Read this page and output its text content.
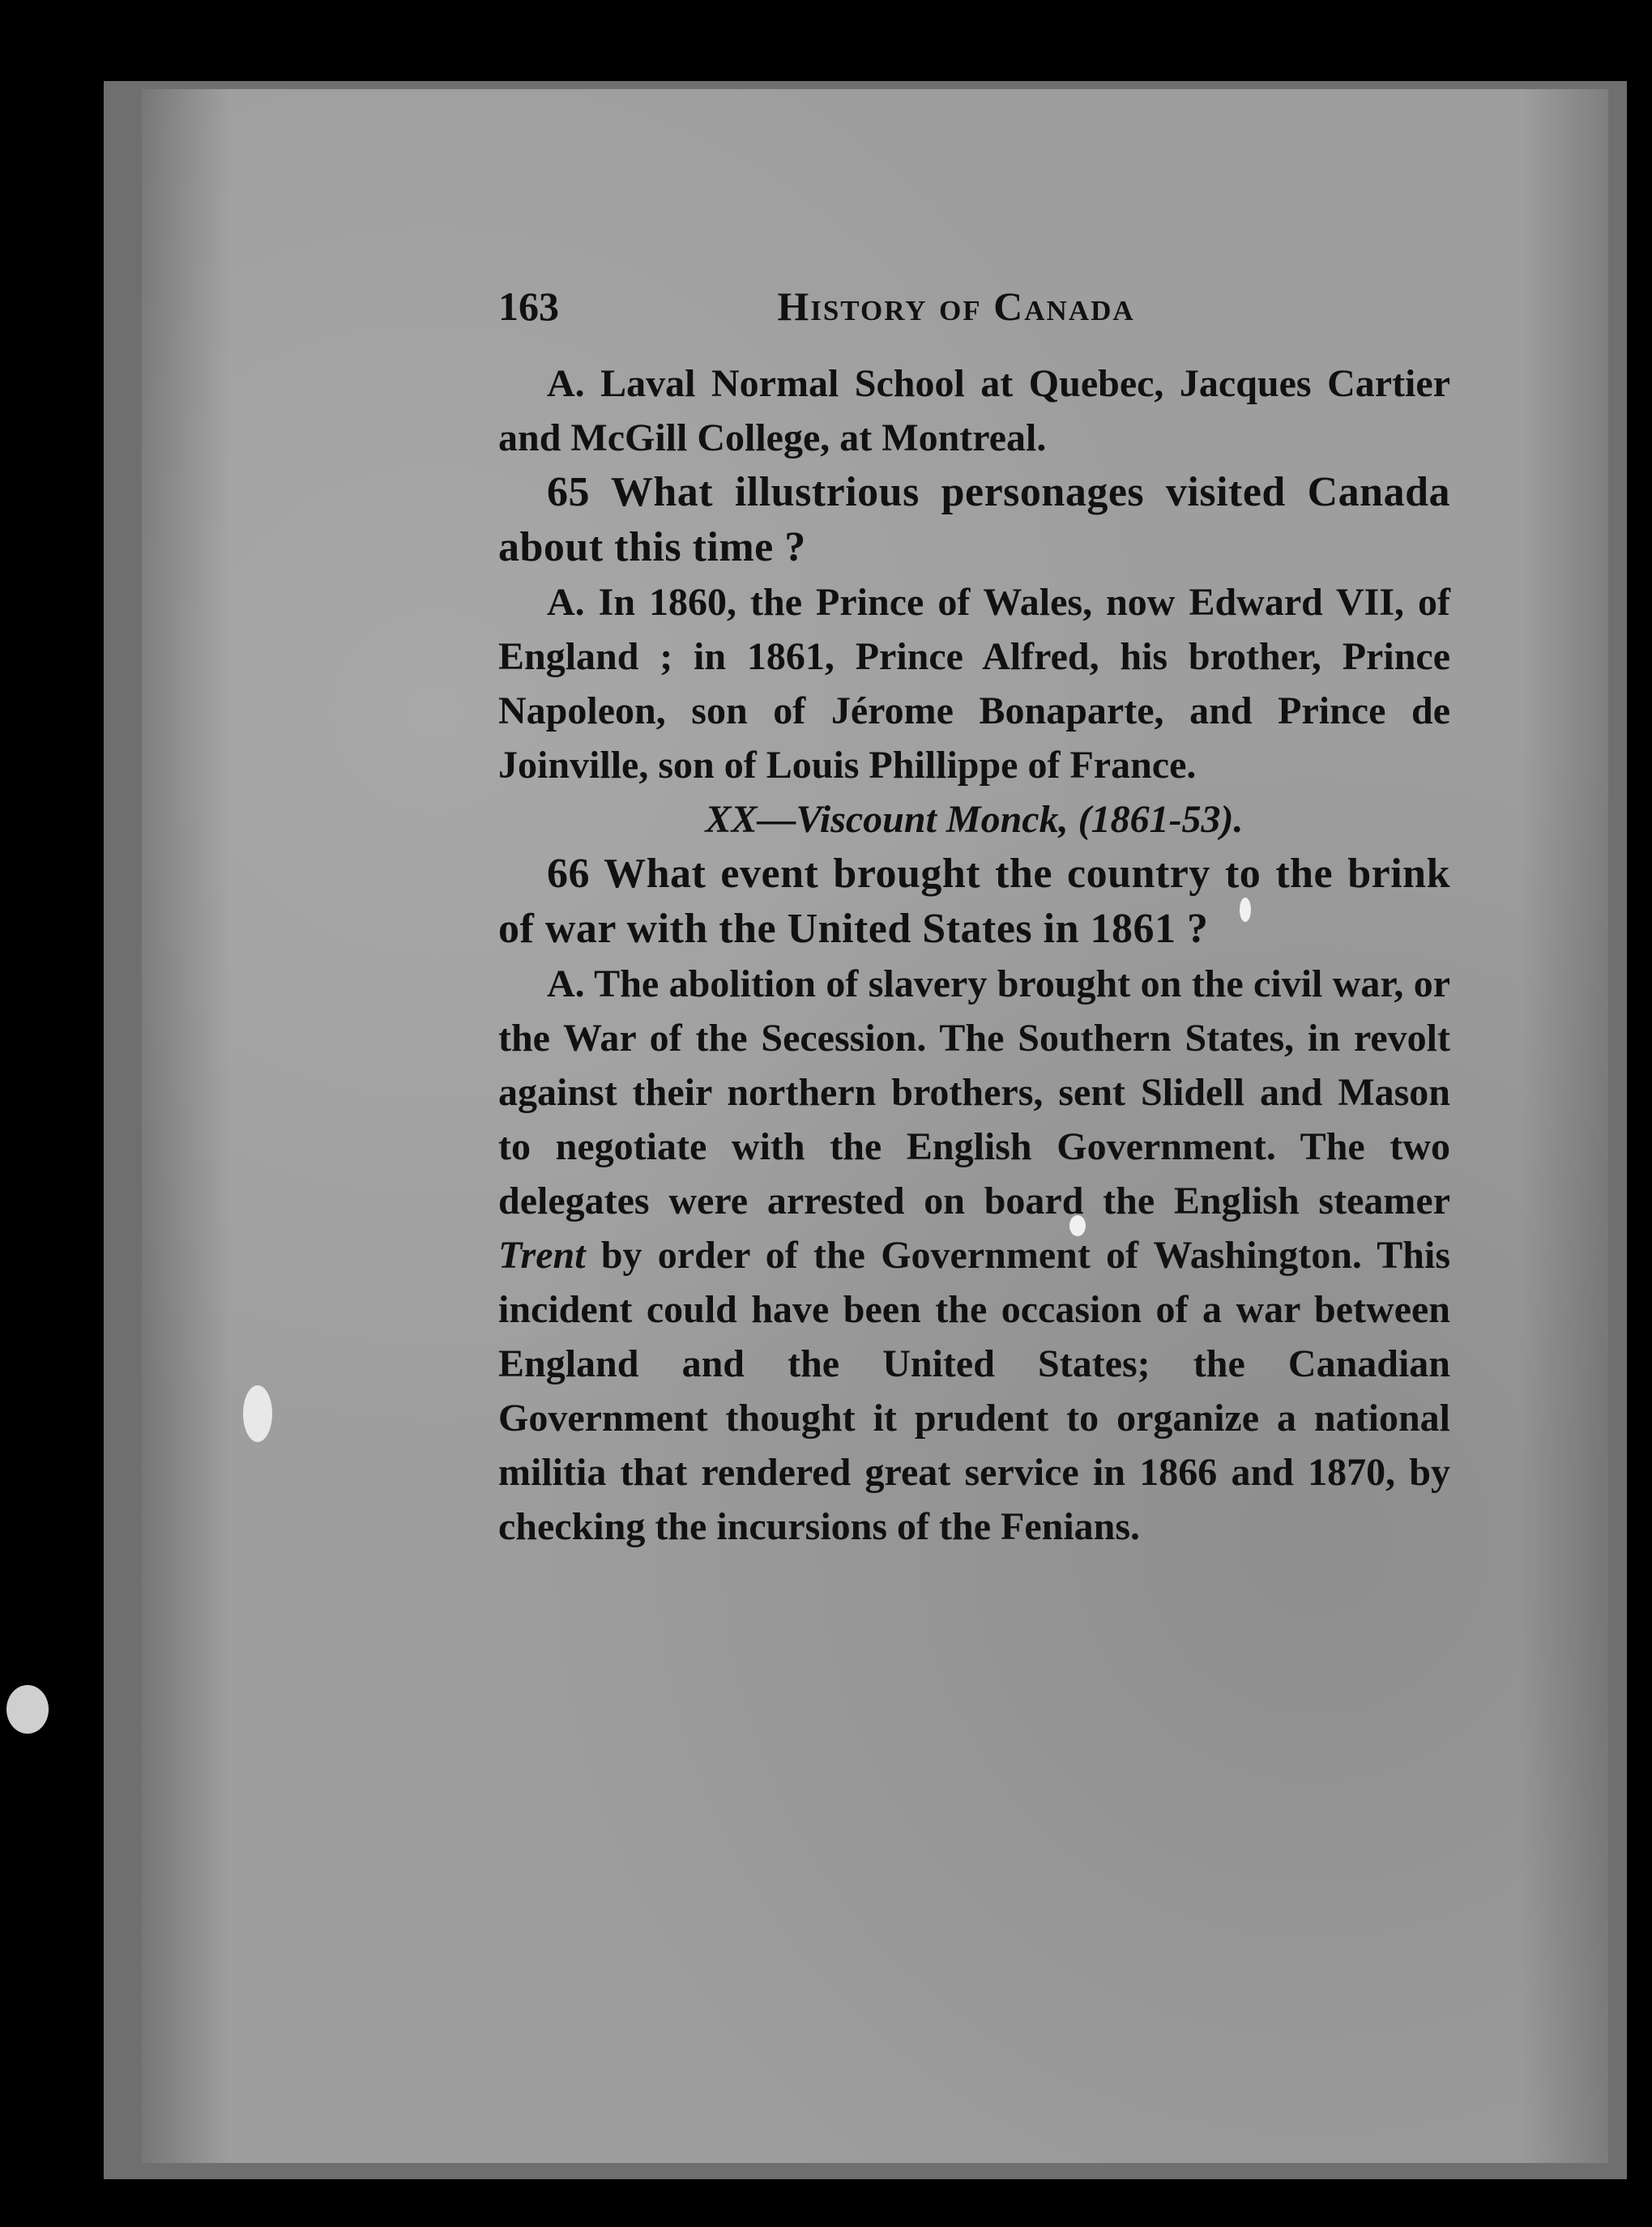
163	History of Canada

A. Laval Normal School at Quebec, Jacques Cartier and McGill College, at Montreal.

65 What illustrious personages visited Canada about this time ?

A. In 1860, the Prince of Wales, now Edward VII, of England ; in 1861, Prince Alfred, his brother, Prince Napoleon, son of Jérome Bonaparte, and Prince de Joinville, son of Louis Phillippe of France.

XX—Viscount Monck, (1861-53).

66 What event brought the country to the brink of war with the United States in 1861 ?

A. The abolition of slavery brought on the civil war, or the War of the Secession. The Southern States, in revolt against their northern brothers, sent Slidell and Mason to negotiate with the English Government. The two delegates were arrested on board the English steamer Trent by order of the Government of Washington. This incident could have been the occasion of a war between England and the United States; the Canadian Government thought it prudent to organize a national militia that rendered great service in 1866 and 1870, by checking the incursions of the Fenians.
